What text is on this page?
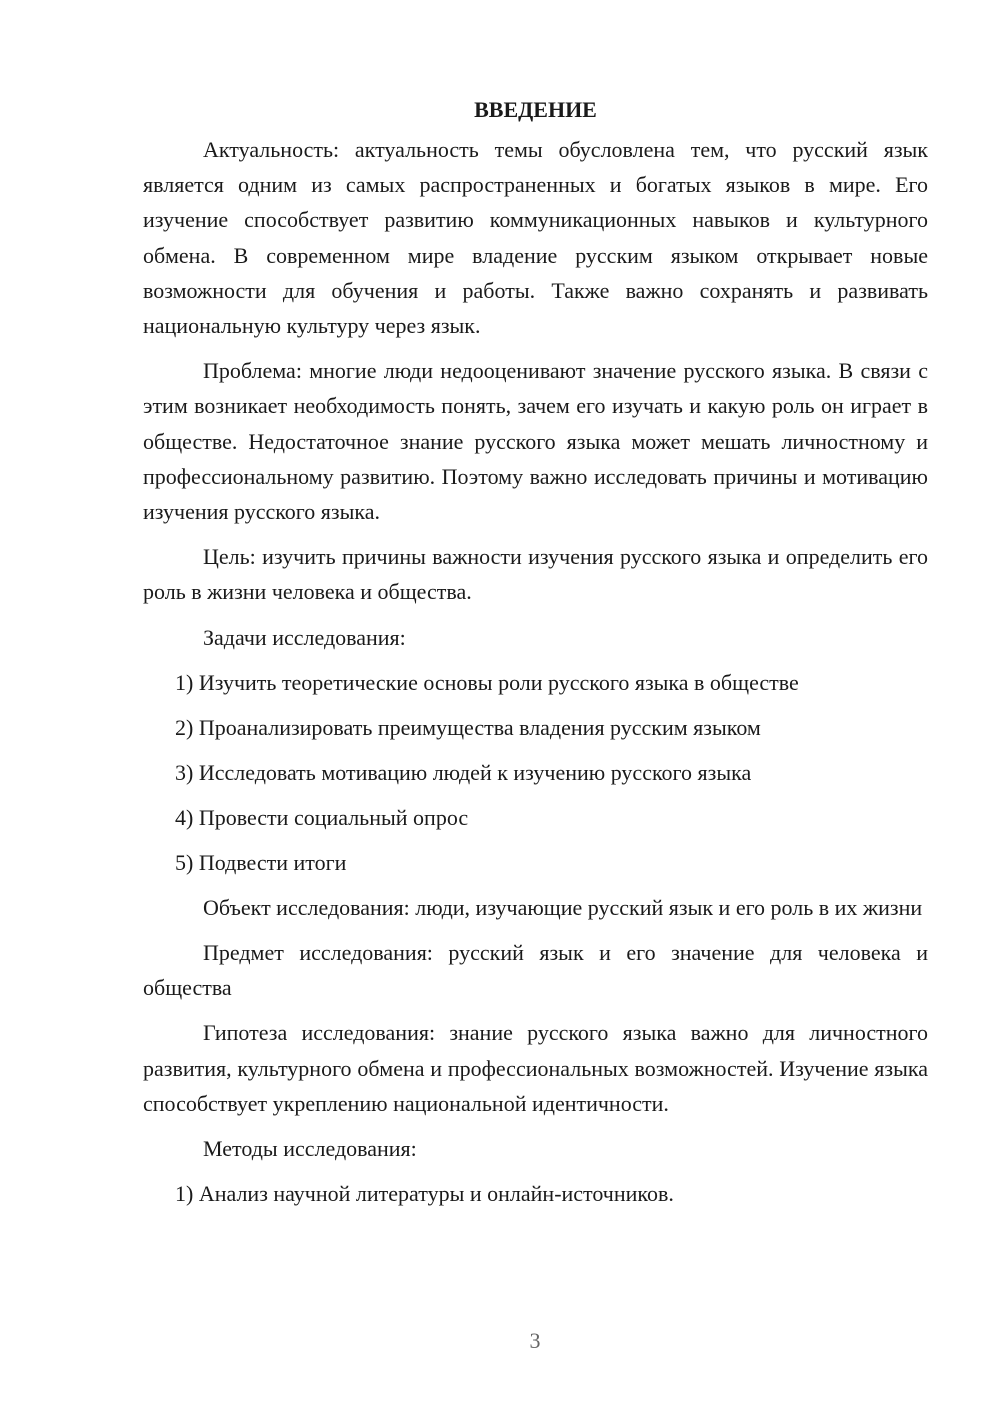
ВВЕДЕНИЕ

Актуальность: актуальность темы обусловлена тем, что русский язык является одним из самых распространенных и богатых языков в мире. Его изучение способствует развитию коммуникационных навыков и культурного обмена. В современном мире владение русским языком открывает новые возможности для обучения и работы. Также важно сохранять и развивать национальную культуру через язык.

Проблема: многие люди недооценивают значение русского языка. В связи с этим возникает необходимость понять, зачем его изучать и какую роль он играет в обществе. Недостаточное знание русского языка может мешать личностному и профессиональному развитию. Поэтому важно исследовать причины и мотивацию изучения русского языка.

Цель: изучить причины важности изучения русского языка и определить его роль в жизни человека и общества.

Задачи исследования:

1) Изучить теоретические основы роли русского языка в обществе
2) Проанализировать преимущества владения русским языком
3) Исследовать мотивацию людей к изучению русского языка
4) Провести социальный опрос
5) Подвести итоги

Объект исследования: люди, изучающие русский язык и его роль в их жизни

Предмет исследования: русский язык и его значение для человека и общества

Гипотеза исследования: знание русского языка важно для личностного развития, культурного обмена и профессиональных возможностей. Изучение языка способствует укреплению национальной идентичности.

Методы исследования:

1) Анализ научной литературы и онлайн-источников.
3
